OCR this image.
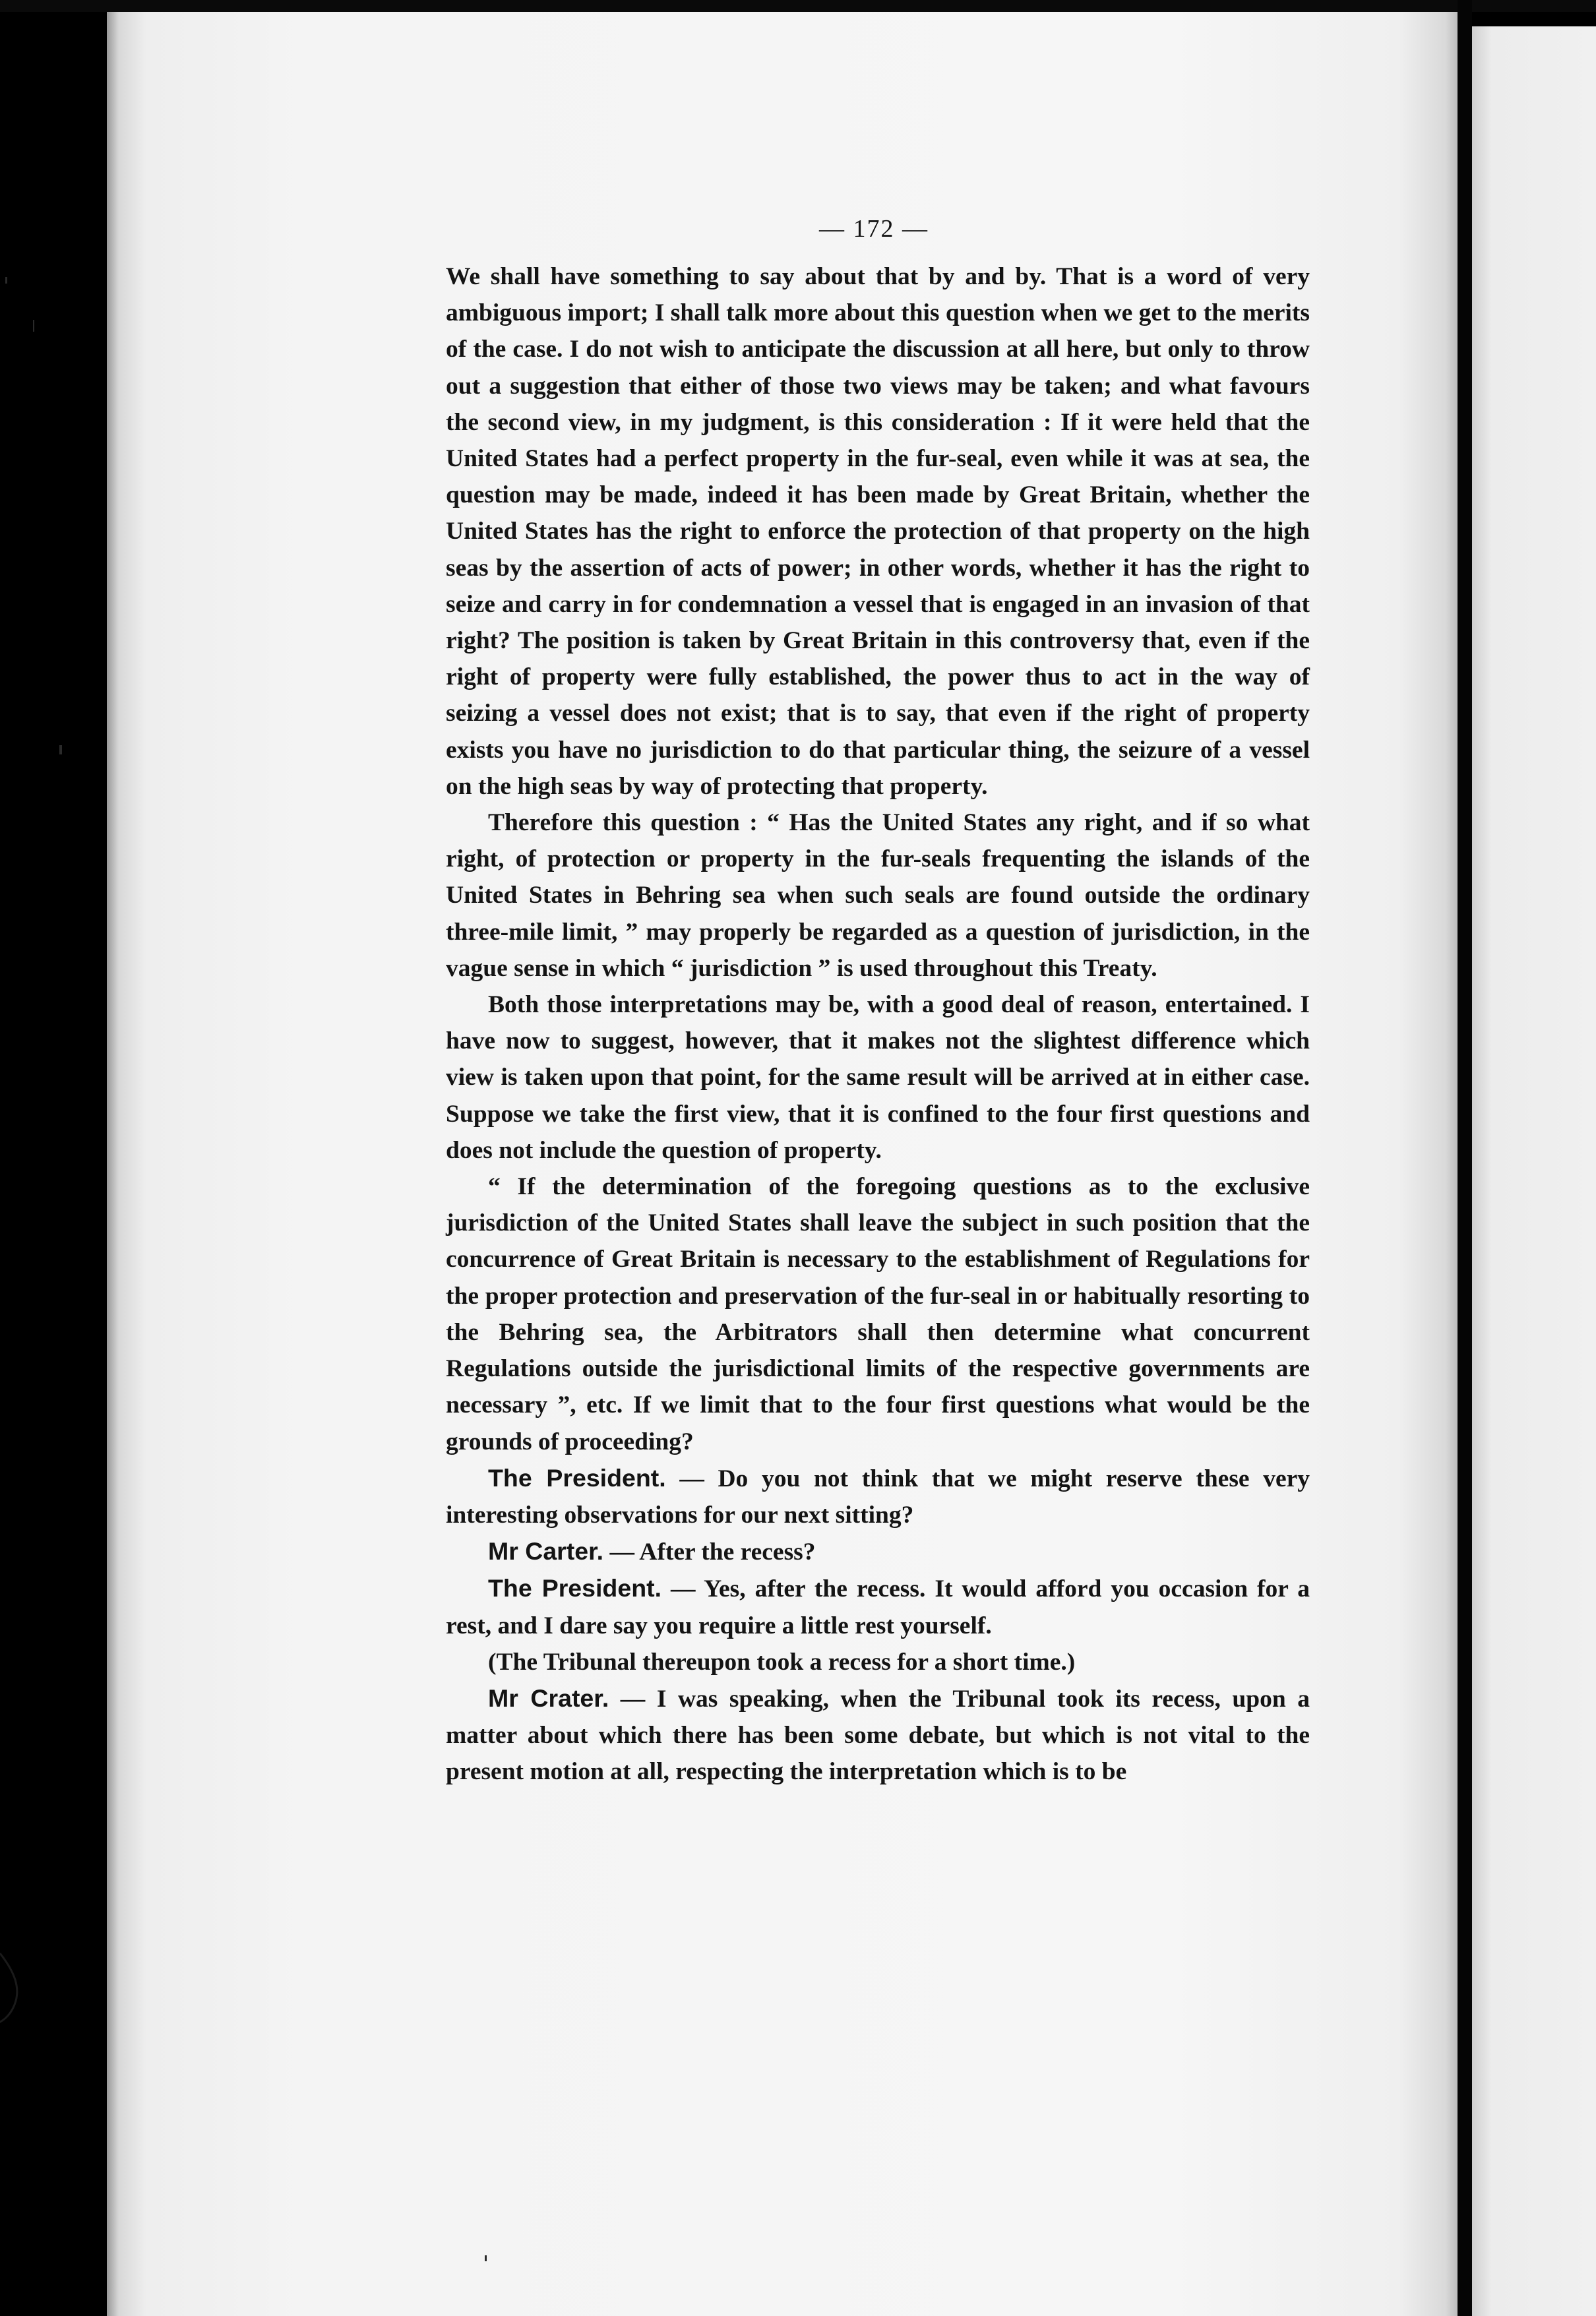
— 172 —

We shall have something to say about that by and by. That is a word of very ambiguous import; I shall talk more about this question when we get to the merits of the case. I do not wish to anticipate the discussion at all here, but only to throw out a suggestion that either of those two views may be taken; and what favours the second view, in my judgment, is this consideration : If it were held that the United States had a perfect property in the fur-seal, even while it was at sea, the question may be made, indeed it has been made by Great Britain, whether the United States has the right to enforce the protection of that property on the high seas by the assertion of acts of power; in other words, whether it has the right to seize and carry in for condemnation a vessel that is engaged in an invasion of that right? The position is taken by Great Britain in this controversy that, even if the right of property were fully established, the power thus to act in the way of seizing a vessel does not exist; that is to say, that even if the right of property exists you have no jurisdiction to do that particular thing, the seizure of a vessel on the high seas by way of protecting that property.

Therefore this question : “ Has the United States any right, and if so what right, of protection or property in the fur-seals frequenting the islands of the United States in Behring sea when such seals are found outside the ordinary three-mile limit, ” may properly be regarded as a question of jurisdiction, in the vague sense in which “ jurisdiction ” is used throughout this Treaty.

Both those interpretations may be, with a good deal of reason, entertained. I have now to suggest, however, that it makes not the slightest difference which view is taken upon that point, for the same result will be arrived at in either case. Suppose we take the first view, that it is confined to the four first questions and does not include the question of property.

“ If the determination of the foregoing questions as to the exclusive jurisdiction of the United States shall leave the subject in such position that the concurrence of Great Britain is necessary to the establishment of Regulations for the proper protection and preservation of the fur-seal in or habitually resorting to the Behring sea, the Arbitrators shall then determine what concurrent Regulations outside the jurisdictional limits of the respective governments are necessary ”, etc. If we limit that to the four first questions what would be the grounds of proceeding?

The President. — Do you not think that we might reserve these very interesting observations for our next sitting?

Mr Carter. — After the recess?

The President. — Yes, after the recess. It would afford you occasion for a rest, and I dare say you require a little rest yourself.

(The Tribunal thereupon took a recess for a short time.)

Mr Crater. — I was speaking, when the Tribunal took its recess, upon a matter about which there has been some debate, but which is not vital to the present motion at all, respecting the interpretation which is to be
